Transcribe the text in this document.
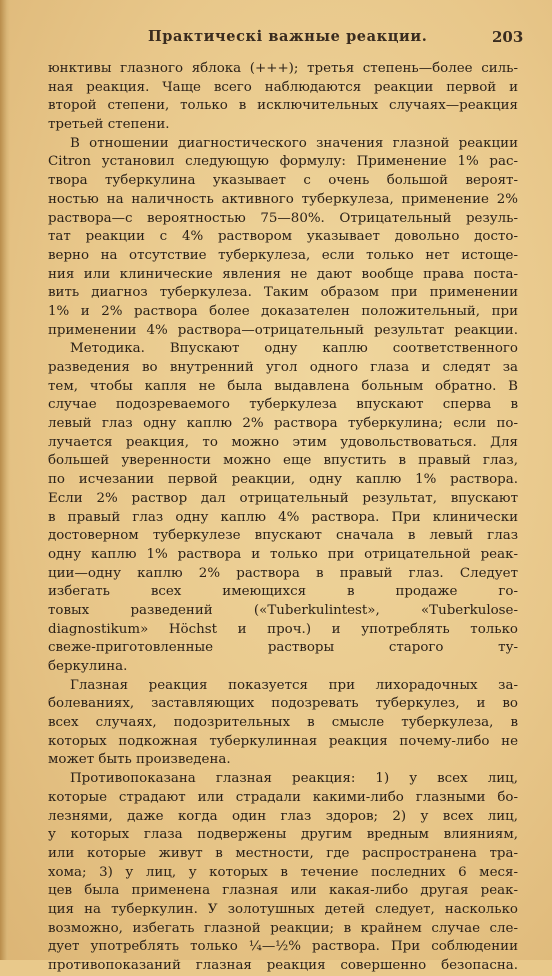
Практическі важные реакции.	203
юнктивы глазного яблока (+++); третья степень—более силь-
ная реакция. Чаще всего наблюдаются реакции первой и
второй степени, только в исключительных случаях—реакция
третьей степени.
В отношении диагностического значения глазной реакции
Citron установил следующую формулу: Применение 1% рас-
твора туберкулина указывает с очень большой вероят-
ностью на наличность активного туберкулеза, применение 2%
раствора—с вероятностью 75—80%. Отрицательный резуль-
тат реакции с 4% раствором указывает довольно досто-
верно на отсутствие туберкулеза, если только нет истоще-
ния или клинические явления не дают вообще права поста-
вить диагноз туберкулеза. Таким образом при применении
1% и 2% раствора более доказателен положительный, при
применении 4% раствора—отрицательный результат реакции.
Методика. Впускают одну каплю соответственного
разведения во внутренний угол одного глаза и следят за
тем, чтобы капля не была выдавлена больным обратно. В
случае подозреваемого туберкулеза впускают сперва в
левый глаз одну каплю 2% раствора туберкулина; если по-
лучается реакция, то можно этим удовольствоваться. Для
большей уверенности можно еще впустить в правый глаз,
по исчезании первой реакции, одну каплю 1% раствора.
Если 2% раствор дал отрицательный результат, впускают
в правый глаз одну каплю 4% раствора. При клинически
достоверном туберкулезе впускают сначала в левый глаз
одну каплю 1% раствора и только при отрицательной реак-
ции—одну каплю 2% раствора в правый глаз. Следует
избегать всех имеющихся в продаже го-
товых разведений («Tuberkulintest», «Tuberkulose-
diagnostikum» Höchst и проч.) и употреблять только
свеже-приготовленные растворы старого ту-
беркулина.
Глазная реакция показуется при лихорадочных за-
болеваниях, заставляющих подозревать туберкулез, и во
всех случаях, подозрительных в смысле туберкулеза, в
которых подкожная туберкулинная реакция почему-либо не
может быть произведена.
Противопоказана глазная реакция: 1) у всех лиц,
которые страдают или страдали какими-либо глазными бо-
лезнями, даже когда один глаз здоров; 2) у всех лиц,
у которых глаза подвержены другим вредным влияниям,
или которые живут в местности, где распространена тра-
хома; 3) у лиц, у которых в течение последних 6 меся-
цев была применена глазная или какая-либо другая реак-
ция на туберкулин. У золотушных детей следует, насколько
возможно, избегать глазной реакции; в крайнем случае сле-
дует употреблять только ¼—½% раствора. При соблюдении
противопоказаний глазная реакция совершенно безопасна.
